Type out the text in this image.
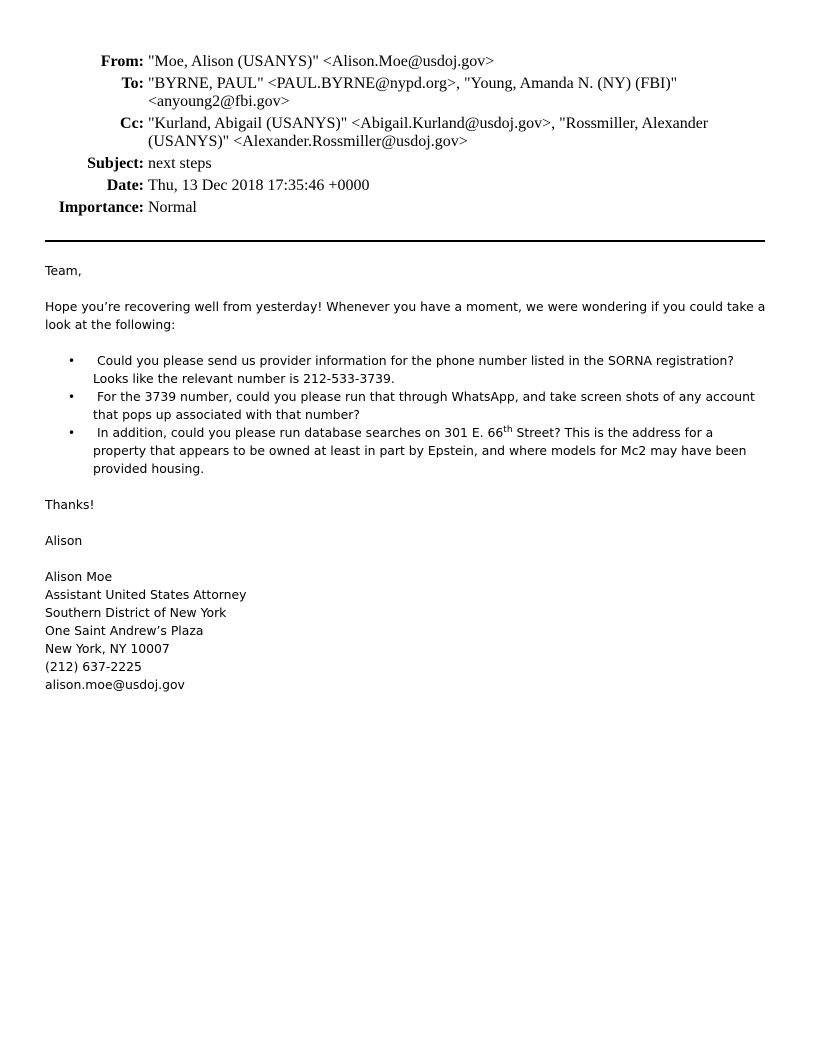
From: "Moe, Alison (USANYS)" <Alison.Moe@usdoj.gov>
To: "BYRNE, PAUL" <PAUL.BYRNE@nypd.org>, "Young, Amanda N. (NY) (FBI)"
<anyoung2@fbi.gov>
Cc: "Kurland, Abigail (USANYS)" <Abigail.Kurland@usdoj.gov>, "Rossmiller, Alexander
(USANYS)" <Alexander.Rossmiller@usdoj.gov>
Subject: next steps
Date: Thu, 13 Dec 2018 17:35:46 +0000
Importance: Normal

Team,

Hope you’re recovering well from yesterday! Whenever you have a moment, we were wondering if you could take a look at the following:

• Could you please send us provider information for the phone number listed in the SORNA registration? Looks like the relevant number is 212-533-3739.
• For the 3739 number, could you please run that through WhatsApp, and take screen shots of any account that pops up associated with that number?
• In addition, could you please run database searches on 301 E. 66th Street? This is the address for a property that appears to be owned at least in part by Epstein, and where models for Mc2 may have been provided housing.

Thanks!

Alison

Alison Moe
Assistant United States Attorney
Southern District of New York
One Saint Andrew’s Plaza
New York, NY 10007
(212) 637-2225
alison.moe@usdoj.gov
